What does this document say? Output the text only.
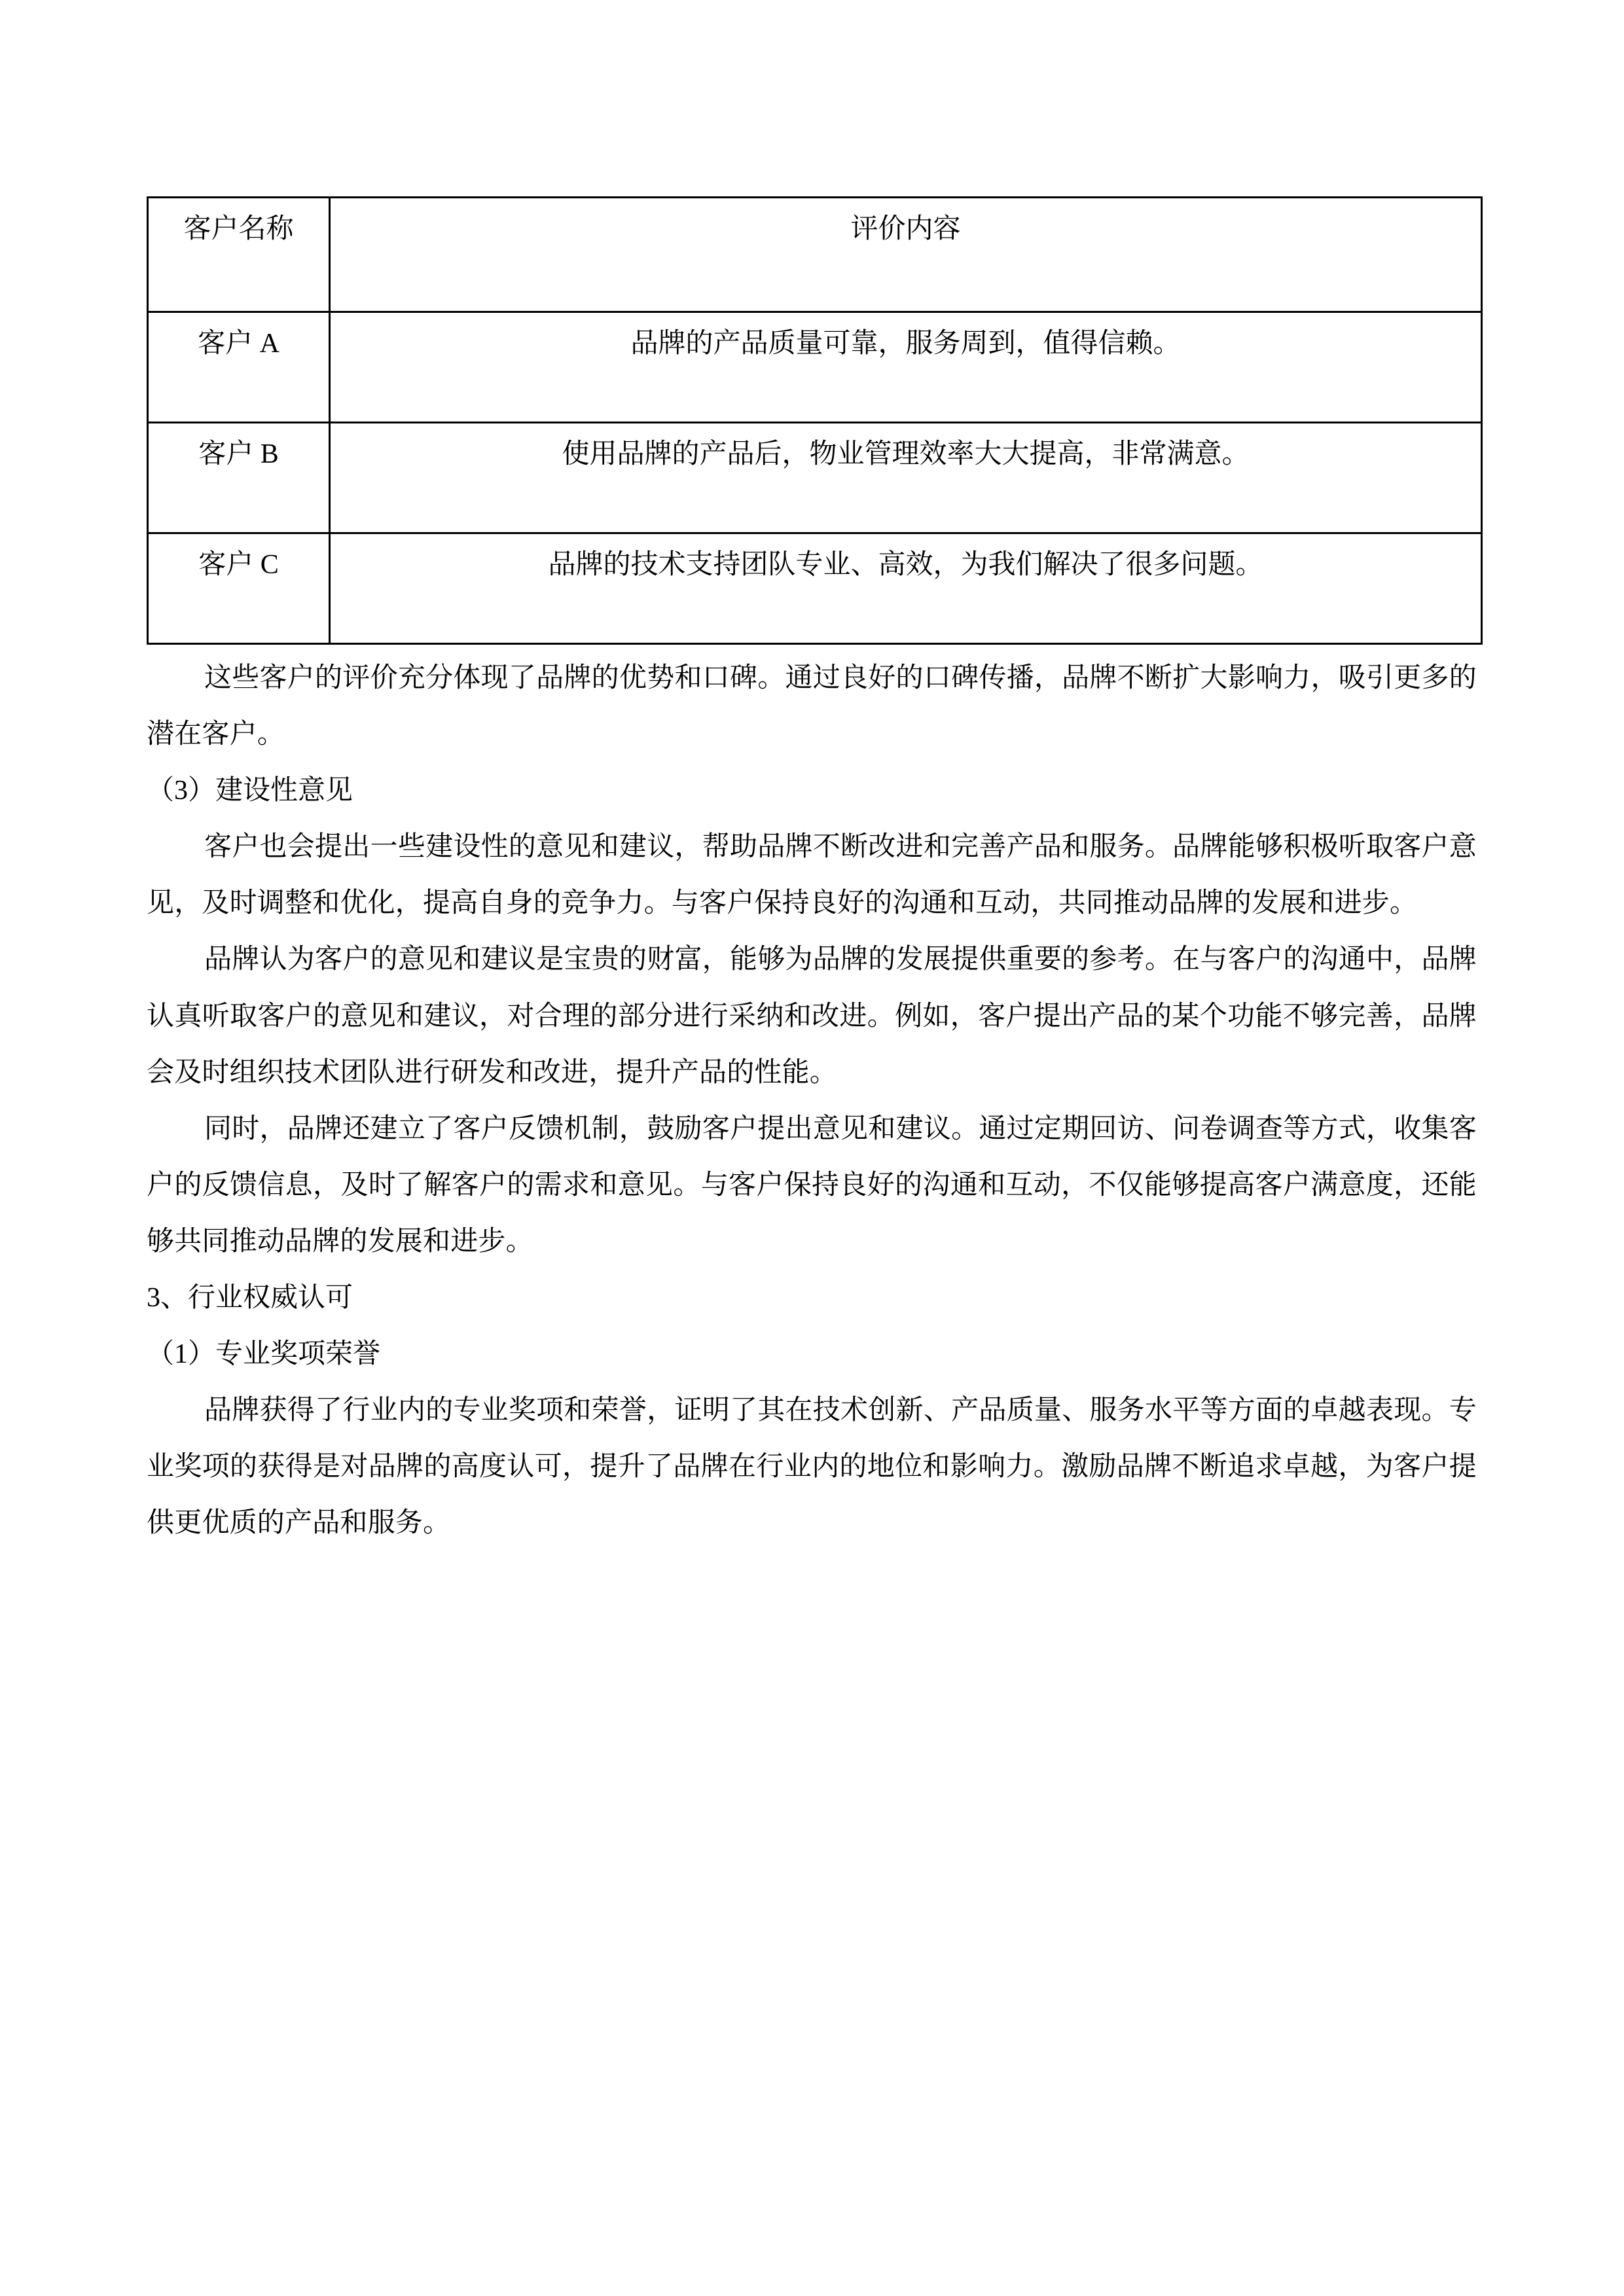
客户名称	评价内容

客户 A	品牌的产品质量可靠，服务周到，值得信赖。

客户 B	使用品牌的产品后，物业管理效率大大提高，非常满意。

客户 C	品牌的技术支持团队专业、高效，为我们解决了很多问题。

这些客户的评价充分体现了品牌的优势和口碑。通过良好的口碑传播，品牌不断扩大影响力，吸引更多的潜在客户。

（3）建设性意见

客户也会提出一些建设性的意见和建议，帮助品牌不断改进和完善产品和服务。品牌能够积极听取客户意见，及时调整和优化，提高自身的竞争力。与客户保持良好的沟通和互动，共同推动品牌的发展和进步。

品牌认为客户的意见和建议是宝贵的财富，能够为品牌的发展提供重要的参考。在与客户的沟通中，品牌认真听取客户的意见和建议，对合理的部分进行采纳和改进。例如，客户提出产品的某个功能不够完善，品牌会及时组织技术团队进行研发和改进，提升产品的性能。

同时，品牌还建立了客户反馈机制，鼓励客户提出意见和建议。通过定期回访、问卷调查等方式，收集客户的反馈信息，及时了解客户的需求和意见。与客户保持良好的沟通和互动，不仅能够提高客户满意度，还能够共同推动品牌的发展和进步。

3、行业权威认可

（1）专业奖项荣誉

品牌获得了行业内的专业奖项和荣誉，证明了其在技术创新、产品质量、服务水平等方面的卓越表现。专业奖项的获得是对品牌的高度认可，提升了品牌在行业内的地位和影响力。激励品牌不断追求卓越，为客户提供更优质的产品和服务。
